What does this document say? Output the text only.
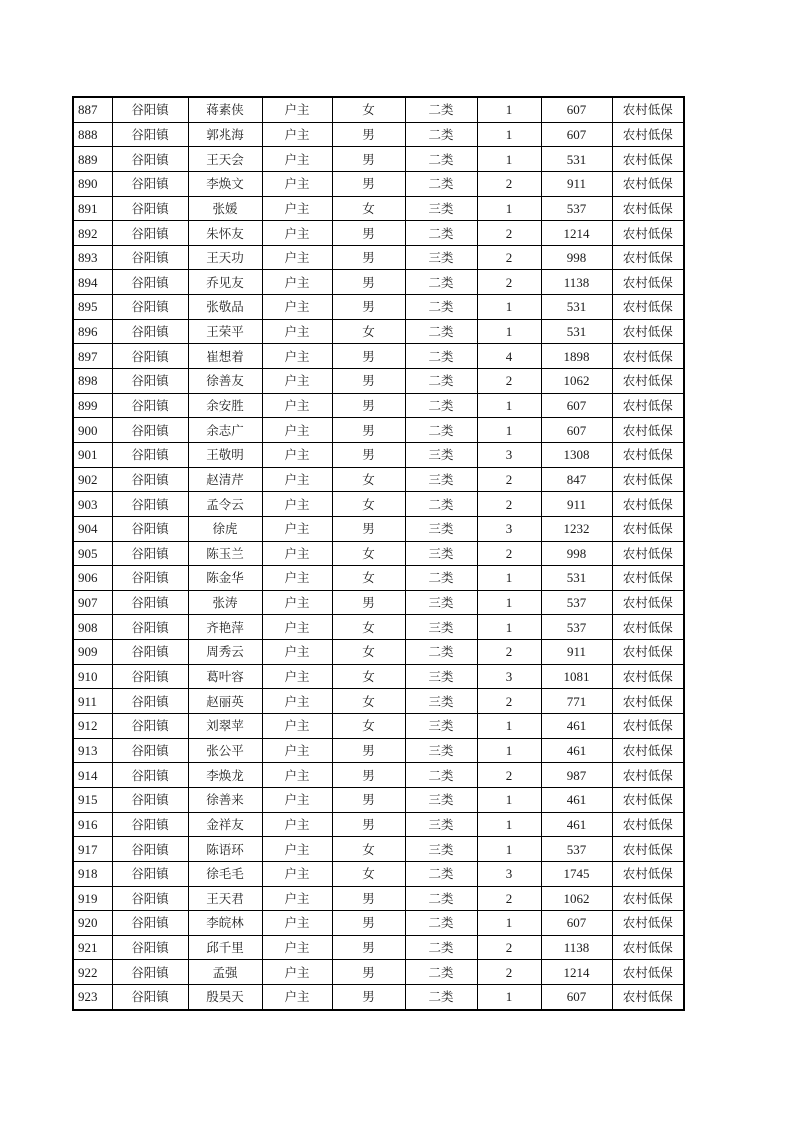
887	谷阳镇	蒋素侠	户主	女	二类	1	607	农村低保
888	谷阳镇	郭兆海	户主	男	二类	1	607	农村低保
889	谷阳镇	王天会	户主	男	二类	1	531	农村低保
890	谷阳镇	李焕文	户主	男	二类	2	911	农村低保
891	谷阳镇	张媛	户主	女	三类	1	537	农村低保
892	谷阳镇	朱怀友	户主	男	二类	2	1214	农村低保
893	谷阳镇	王天功	户主	男	三类	2	998	农村低保
894	谷阳镇	乔见友	户主	男	二类	2	1138	农村低保
895	谷阳镇	张敬品	户主	男	二类	1	531	农村低保
896	谷阳镇	王荣平	户主	女	二类	1	531	农村低保
897	谷阳镇	崔想着	户主	男	二类	4	1898	农村低保
898	谷阳镇	徐善友	户主	男	二类	2	1062	农村低保
899	谷阳镇	余安胜	户主	男	二类	1	607	农村低保
900	谷阳镇	余志广	户主	男	二类	1	607	农村低保
901	谷阳镇	王敬明	户主	男	三类	3	1308	农村低保
902	谷阳镇	赵清芹	户主	女	三类	2	847	农村低保
903	谷阳镇	孟令云	户主	女	二类	2	911	农村低保
904	谷阳镇	徐虎	户主	男	三类	3	1232	农村低保
905	谷阳镇	陈玉兰	户主	女	三类	2	998	农村低保
906	谷阳镇	陈金华	户主	女	二类	1	531	农村低保
907	谷阳镇	张涛	户主	男	三类	1	537	农村低保
908	谷阳镇	齐艳萍	户主	女	三类	1	537	农村低保
909	谷阳镇	周秀云	户主	女	二类	2	911	农村低保
910	谷阳镇	葛叶容	户主	女	三类	3	1081	农村低保
911	谷阳镇	赵丽英	户主	女	三类	2	771	农村低保
912	谷阳镇	刘翠苹	户主	女	三类	1	461	农村低保
913	谷阳镇	张公平	户主	男	三类	1	461	农村低保
914	谷阳镇	李焕龙	户主	男	二类	2	987	农村低保
915	谷阳镇	徐善来	户主	男	三类	1	461	农村低保
916	谷阳镇	金祥友	户主	男	三类	1	461	农村低保
917	谷阳镇	陈语环	户主	女	三类	1	537	农村低保
918	谷阳镇	徐毛毛	户主	女	二类	3	1745	农村低保
919	谷阳镇	王天君	户主	男	二类	2	1062	农村低保
920	谷阳镇	李皖林	户主	男	二类	1	607	农村低保
921	谷阳镇	邱千里	户主	男	二类	2	1138	农村低保
922	谷阳镇	孟强	户主	男	二类	2	1214	农村低保
923	谷阳镇	殷昊天	户主	男	二类	1	607	农村低保
